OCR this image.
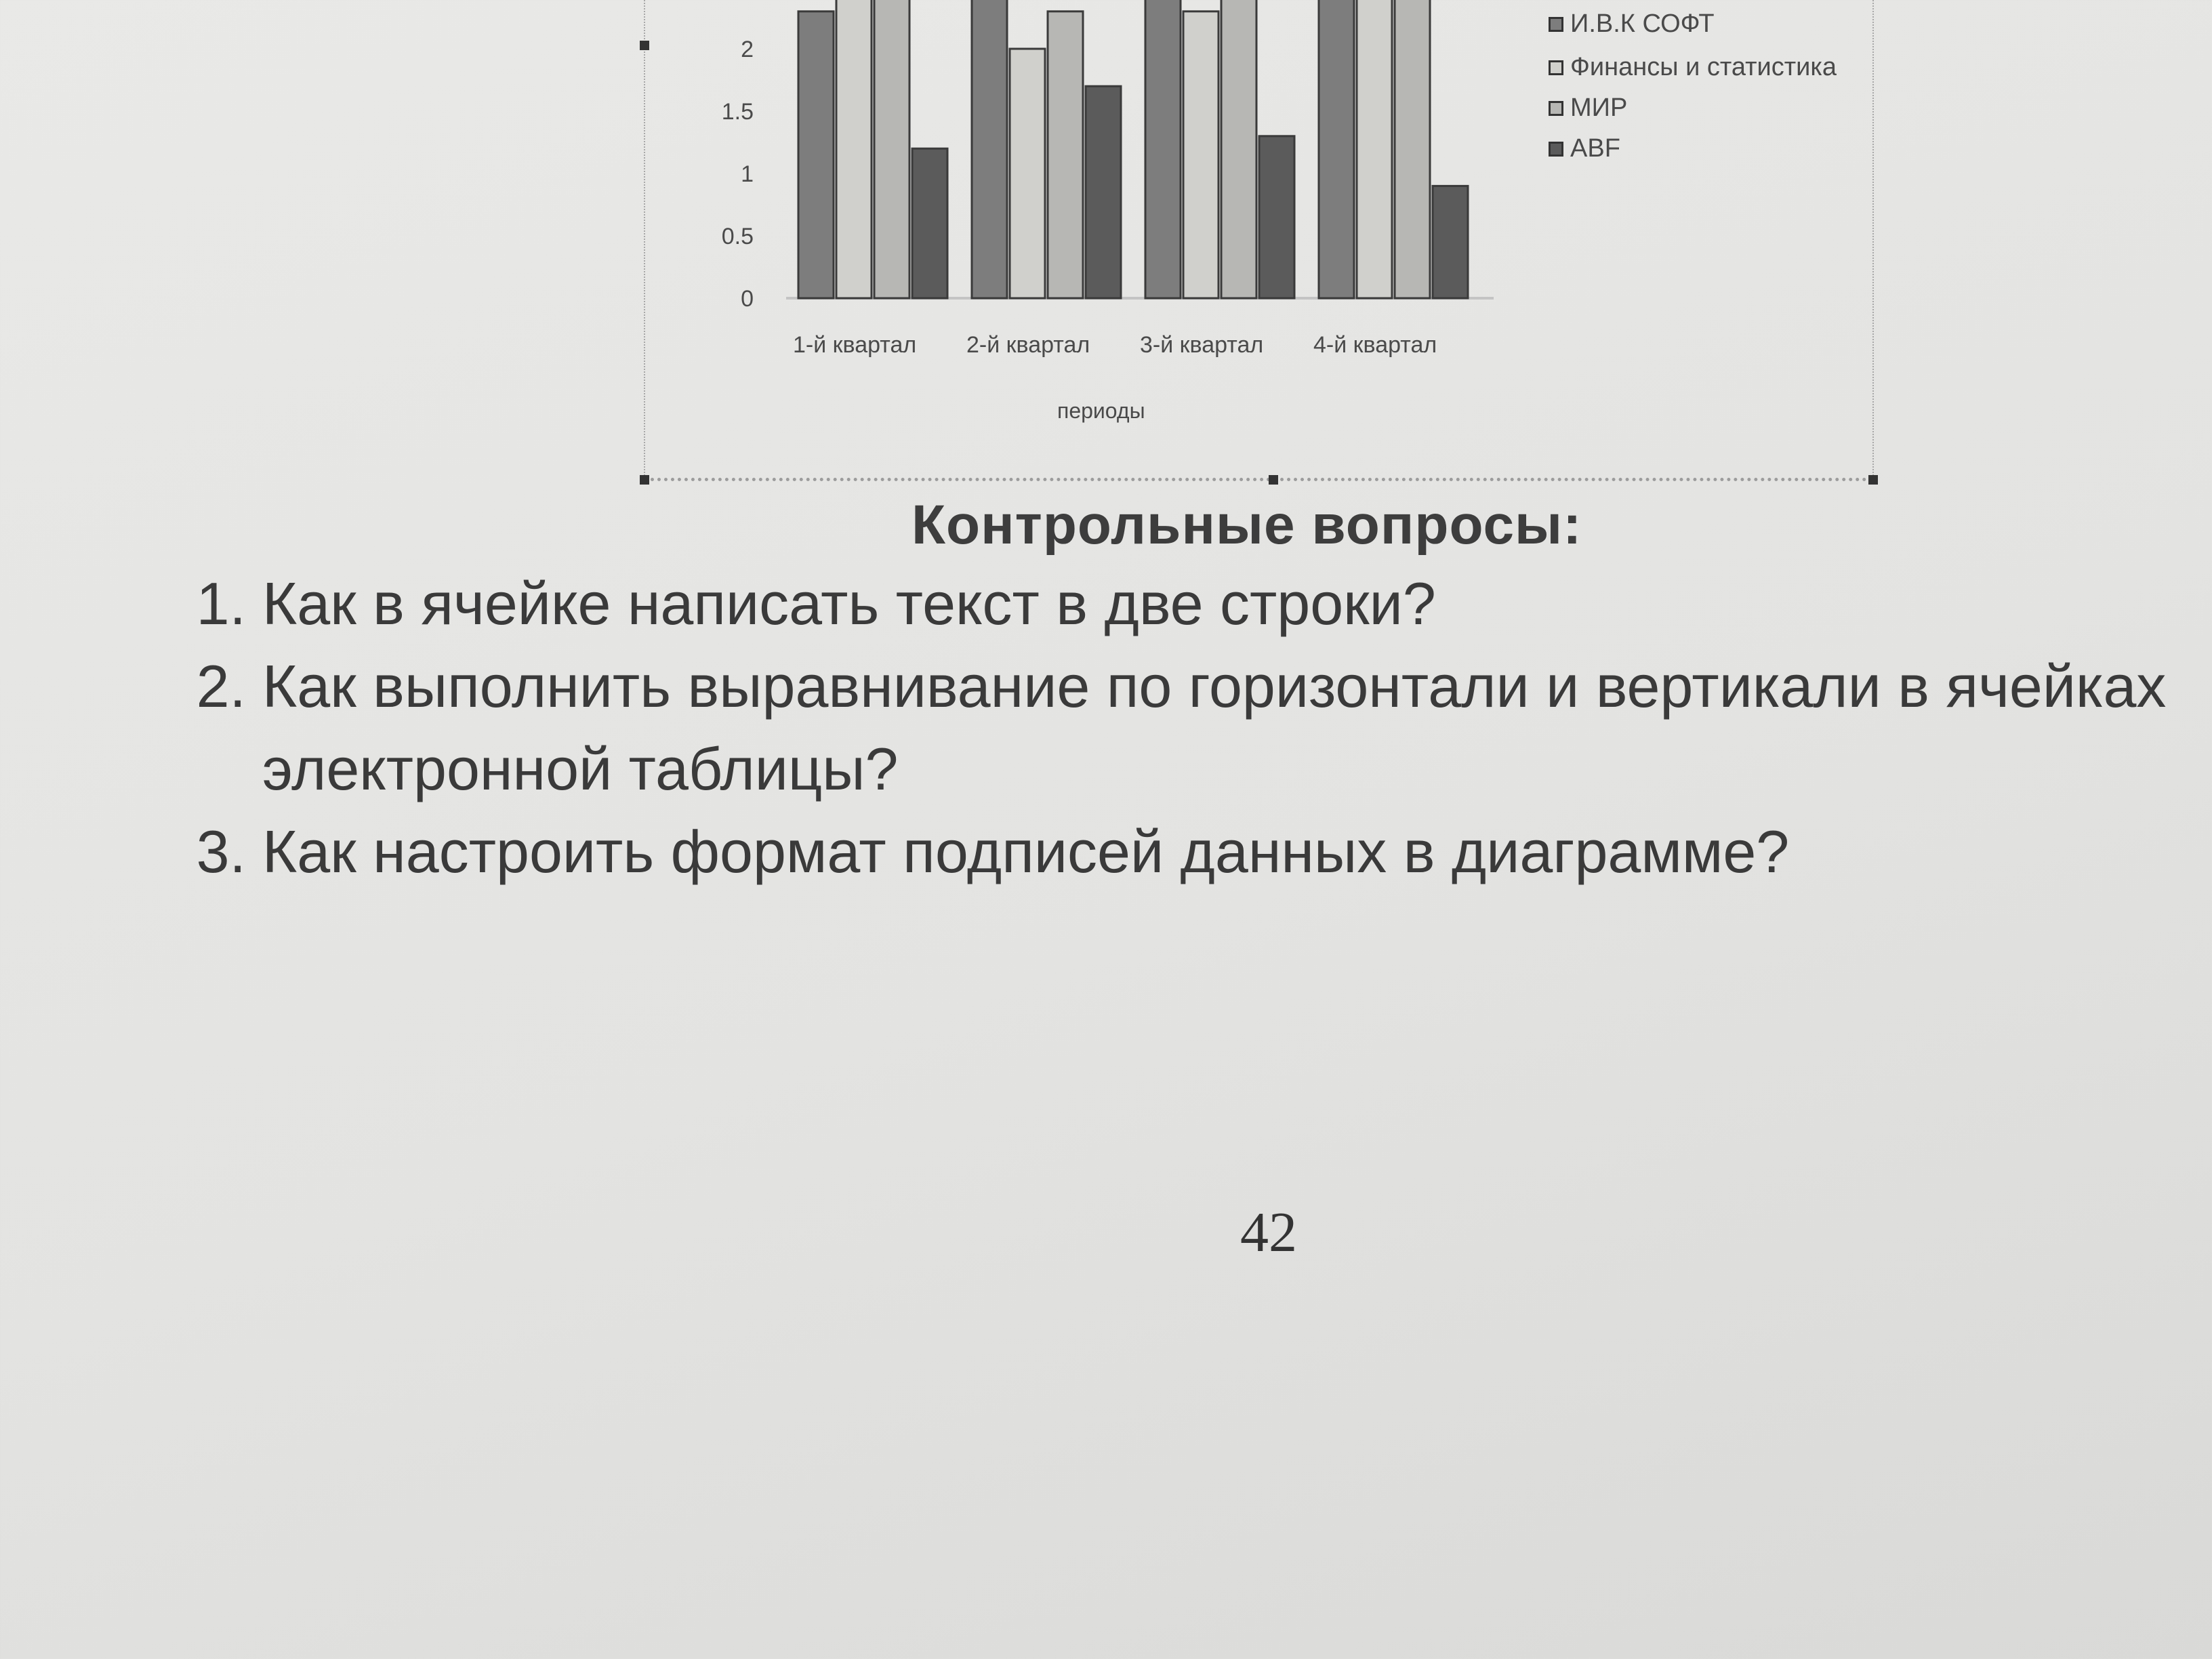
0
0.5
1
1.5
2
1-й квартал 2-й квартал 3-й квартал 4-й квартал
И.В.К СОФТ
Финансы и статистика
МИР
ABF
периоды
Контрольные вопросы:
1. Как в ячейке написать текст в две строки?
2. Как выполнить выравнивание по горизонтали и вертикали в ячейках электронной таблицы?
3. Как настроить формат подписей данных в диаграмме?
42
